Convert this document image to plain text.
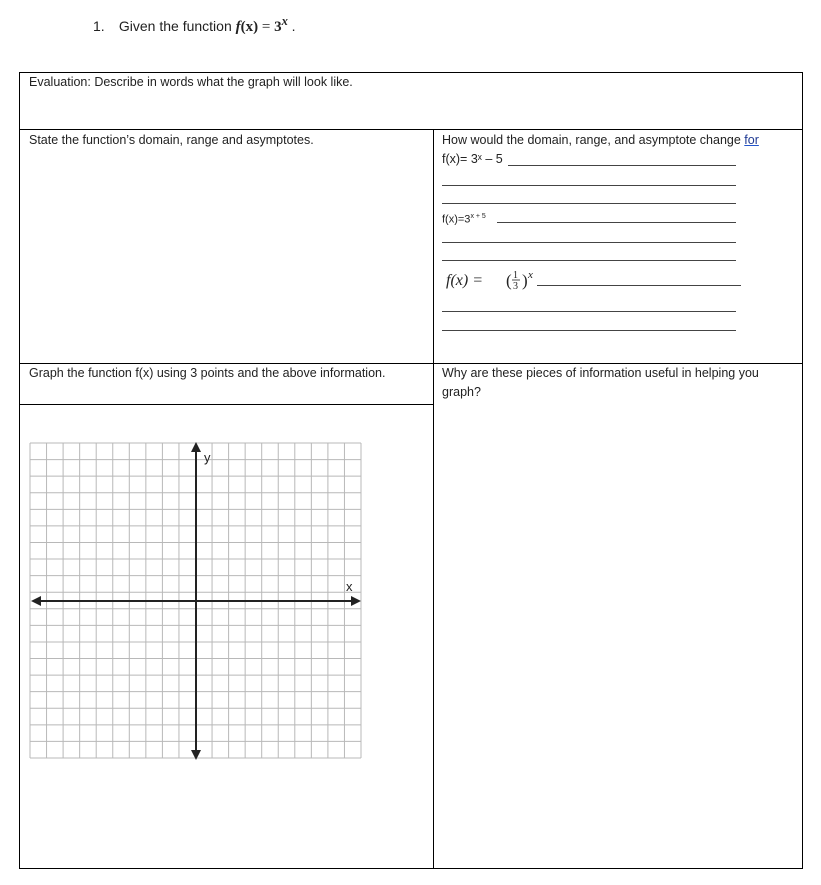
1. Given the function $f(x) = 3^x$ .
Evaluation: Describe in words what the graph will look like.
State the function’s domain, range and asymptotes.	How would the domain, range, and asymptote change for
f(x)= 3ˣ – 5
$f(x)=3^{x + 5}$
f(x) = ( 1
3 ) x
Graph the function f(x) using 3 points and the above information.	Why are these pieces of information useful in helping you graph?
y
x
